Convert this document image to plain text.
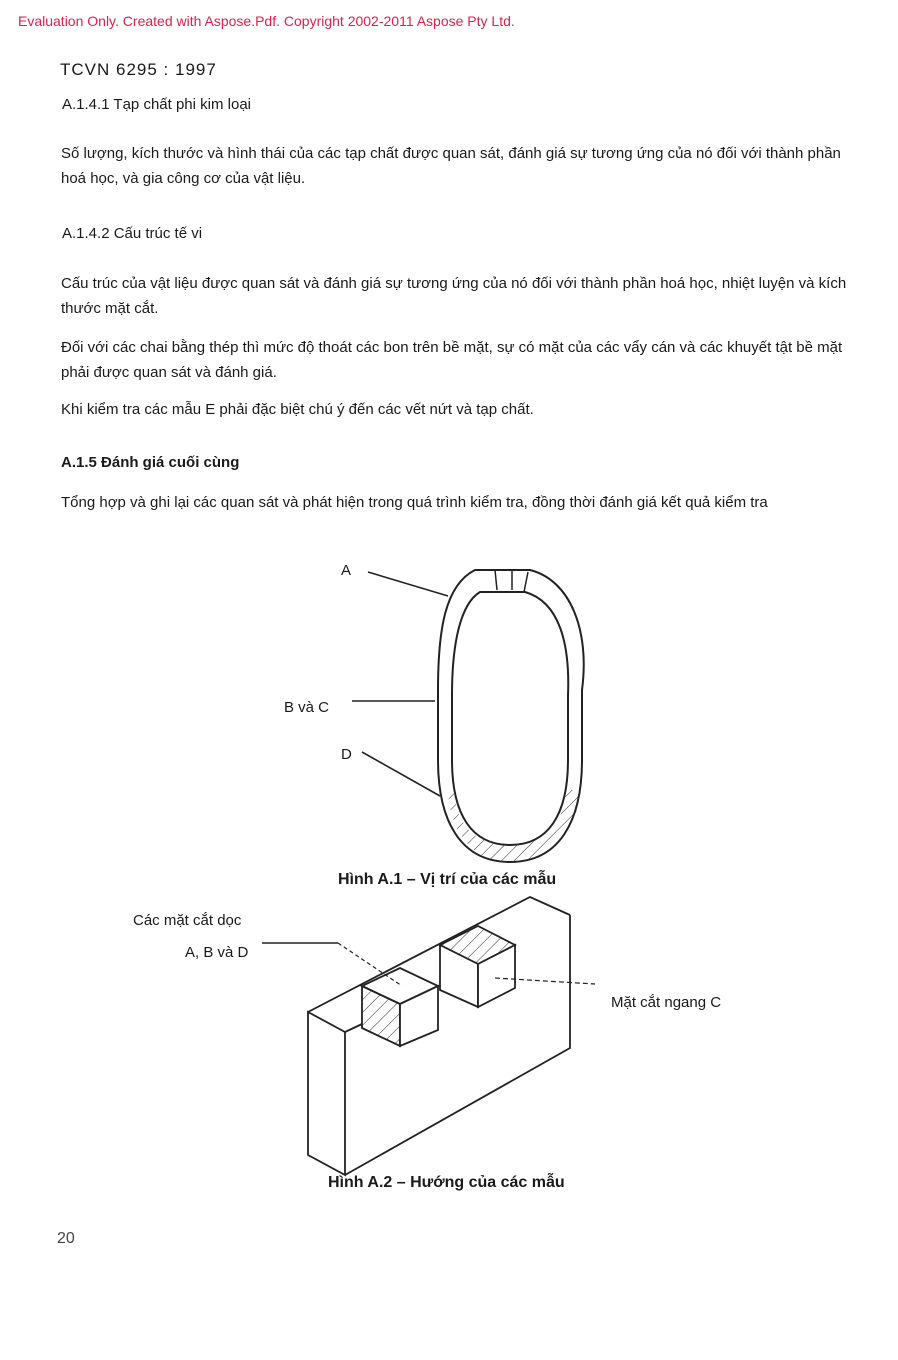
Evaluation Only. Created with Aspose.Pdf. Copyright 2002-2011 Aspose Pty Ltd.
TCVN 6295 : 1997
A.1.4.1 Tạp chất phi kim loại
Số lượng, kích thước và hình thái của các tạp chất được quan sát, đánh giá sự tương ứng của nó đối với thành phần hoá học, và gia công cơ của vật liệu.
A.1.4.2 Cấu trúc tế vi
Cấu trúc của vật liệu được quan sát và đánh giá sự tương ứng của nó đối với thành phần hoá học, nhiệt luyện và kích thước mặt cắt.
Đối với các chai bằng thép thì mức độ thoát các bon trên bề mặt, sự có mặt của các vẩy cán và các khuyết tật bề mặt phải được quan sát và đánh giá.
Khi kiểm tra các mẫu E phải đặc biệt chú ý đến các vết nứt và tạp chất.
A.1.5 Đánh giá cuối cùng
Tổng hợp và ghi lại các quan sát và phát hiện trong quá trình kiểm tra, đồng thời đánh giá kết quả kiểm tra
A
B và C
D
Hình A.1 – Vị trí của các mẫu
Các mặt cắt dọc
A, B và D
Mặt cắt ngang C
Hình A.2 – Hướng của các mẫu
20
